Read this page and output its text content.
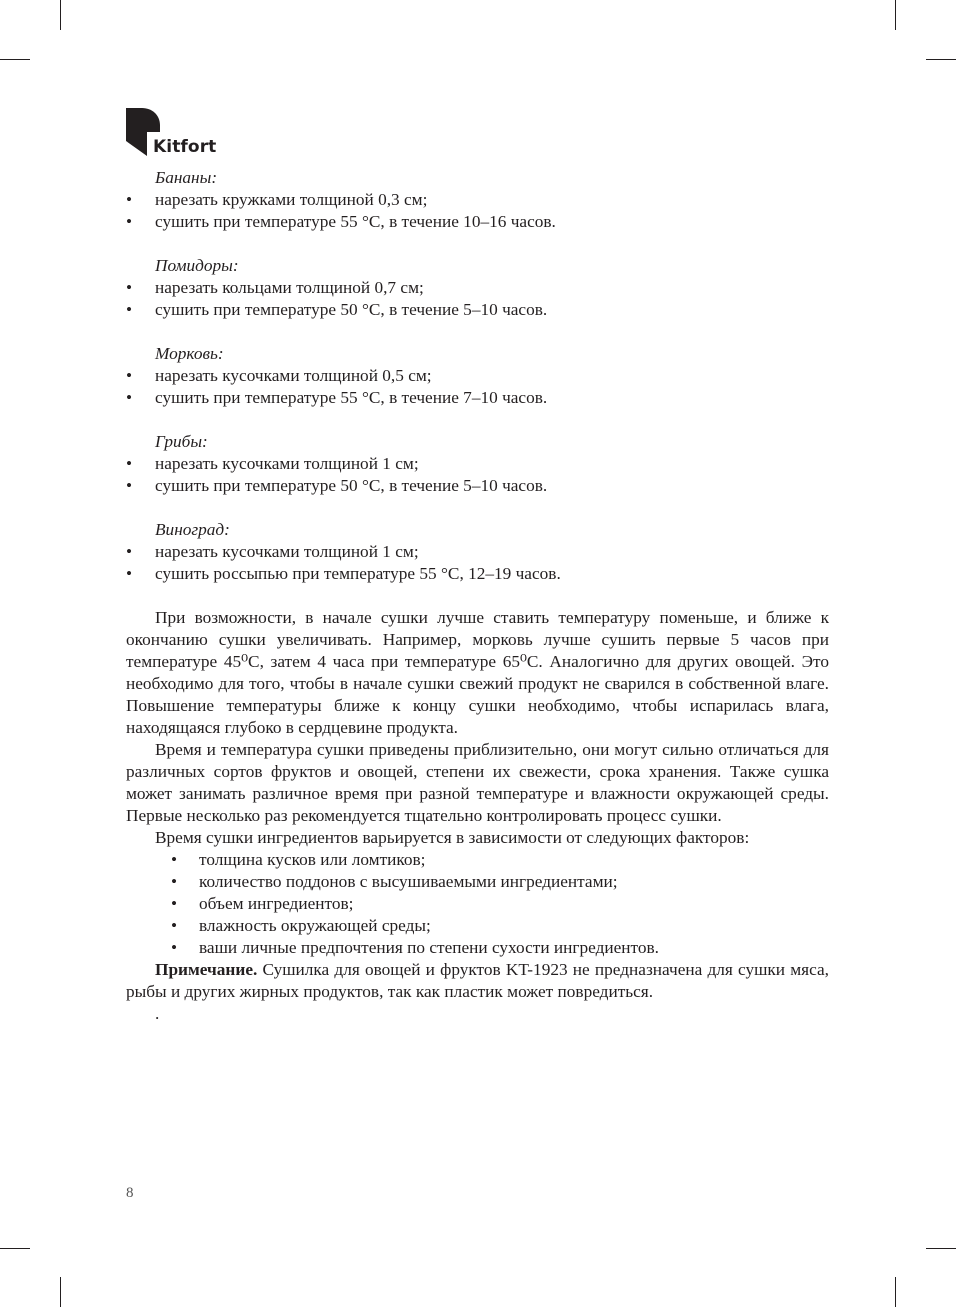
Kitfort
Бананы:
•	нарезать кружками толщиной 0,3 см;
•	сушить при температуре 55 °С, в течение 10–16 часов.
Помидоры:
•	нарезать кольцами толщиной 0,7 см;
•	сушить при температуре 50 °С, в течение 5–10 часов.
Морковь:
•	нарезать кусочками толщиной 0,5 см;
•	сушить при температуре 55 °С, в течение 7–10 часов.
Грибы:
•	нарезать кусочками толщиной 1 см;
•	сушить при температуре 50 °С, в течение 5–10 часов.
Виноград:
•	нарезать кусочками толщиной 1 см;
•	сушить россыпью при температуре 55 °С, 12–19 часов.

При возможности, в начале сушки лучше ставить температуру поменьше, и ближе к окончанию сушки увеличивать. Например, морковь лучше сушить первые 5 часов при температуре 45⁰С, затем 4 часа при температуре 65⁰С. Аналогично для других овощей. Это необходимо для того, чтобы в начале сушки свежий продукт не сварился в собственной влаге. Повышение температуры ближе к концу сушки необходимо, чтобы испарилась влага, находящаяся глубоко в сердцевине продукта.

Время и температура сушки приведены приблизительно, они могут сильно отличаться для различных сортов фруктов и овощей, степени их свежести, срока хранения. Также сушка может занимать различное время при разной температуре и влажности окружающей среды. Первые несколько раз рекомендуется тщательно контролировать процесс сушки.

Время сушки ингредиентов варьируется в зависимости от следующих факторов:
• толщина кусков или ломтиков;
• количество поддонов с высушиваемыми ингредиентами;
• объем ингредиентов;
• влажность окружающей среды;
• ваши личные предпочтения по степени сухости ингредиентов.

Примечание. Сушилка для овощей и фруктов KT-1923 не предназначена для сушки мяса, рыбы и других жирных продуктов, так как пластик может повредиться.

.
8
